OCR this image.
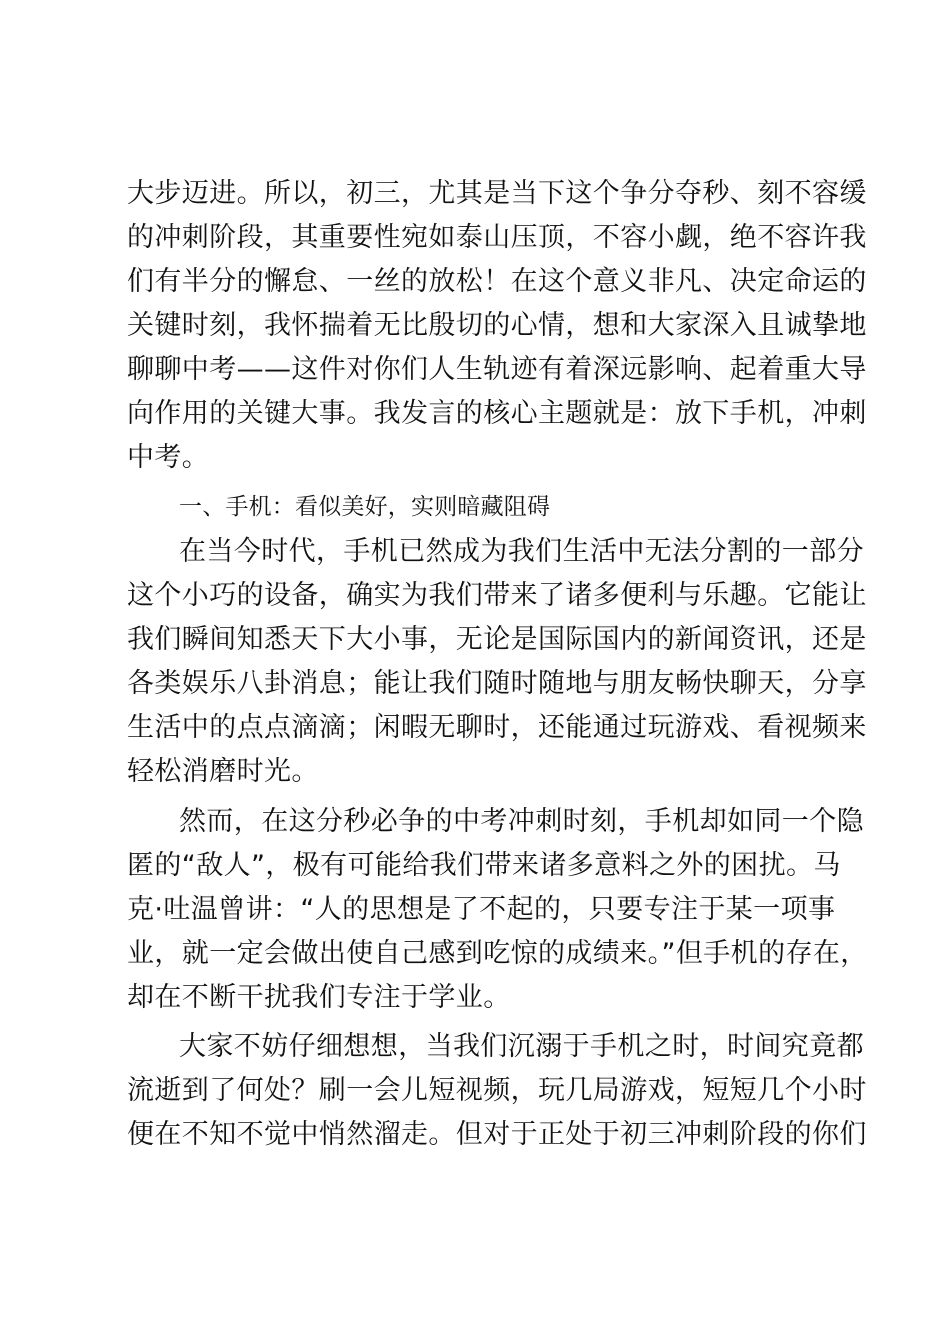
大步迈进。所以，初三，尤其是当下这个争分夺秒、刻不容缓
的冲刺阶段，其重要性宛如泰山压顶，不容小觑，绝不容许我
们有半分的懈怠、一丝的放松！在这个意义非凡、决定命运的
关键时刻，我怀揣着无比殷切的心情，想和大家深入且诚挚地
聊聊中考——这件对你们人生轨迹有着深远影响、起着重大导
向作用的关键大事。我发言的核心主题就是：放下手机，冲刺
中考。
一、手机：看似美好，实则暗藏阻碍
在当今时代，手机已然成为我们生活中无法分割的一部分
这个小巧的设备，确实为我们带来了诸多便利与乐趣。它能让
我们瞬间知悉天下大小事，无论是国际国内的新闻资讯，还是
各类娱乐八卦消息；能让我们随时随地与朋友畅快聊天，分享
生活中的点点滴滴；闲暇无聊时，还能通过玩游戏、看视频来
轻松消磨时光。
然而，在这分秒必争的中考冲刺时刻，手机却如同一个隐
匿的“敌人”，极有可能给我们带来诸多意料之外的困扰。马
克·吐温曾讲：“人的思想是了不起的，只要专注于某一项事
业，就一定会做出使自己感到吃惊的成绩来。”但手机的存在，
却在不断干扰我们专注于学业。
大家不妨仔细想想，当我们沉溺于手机之时，时间究竟都
流逝到了何处？刷一会儿短视频，玩几局游戏，短短几个小时
便在不知不觉中悄然溜走。但对于正处于初三冲刺阶段的你们
